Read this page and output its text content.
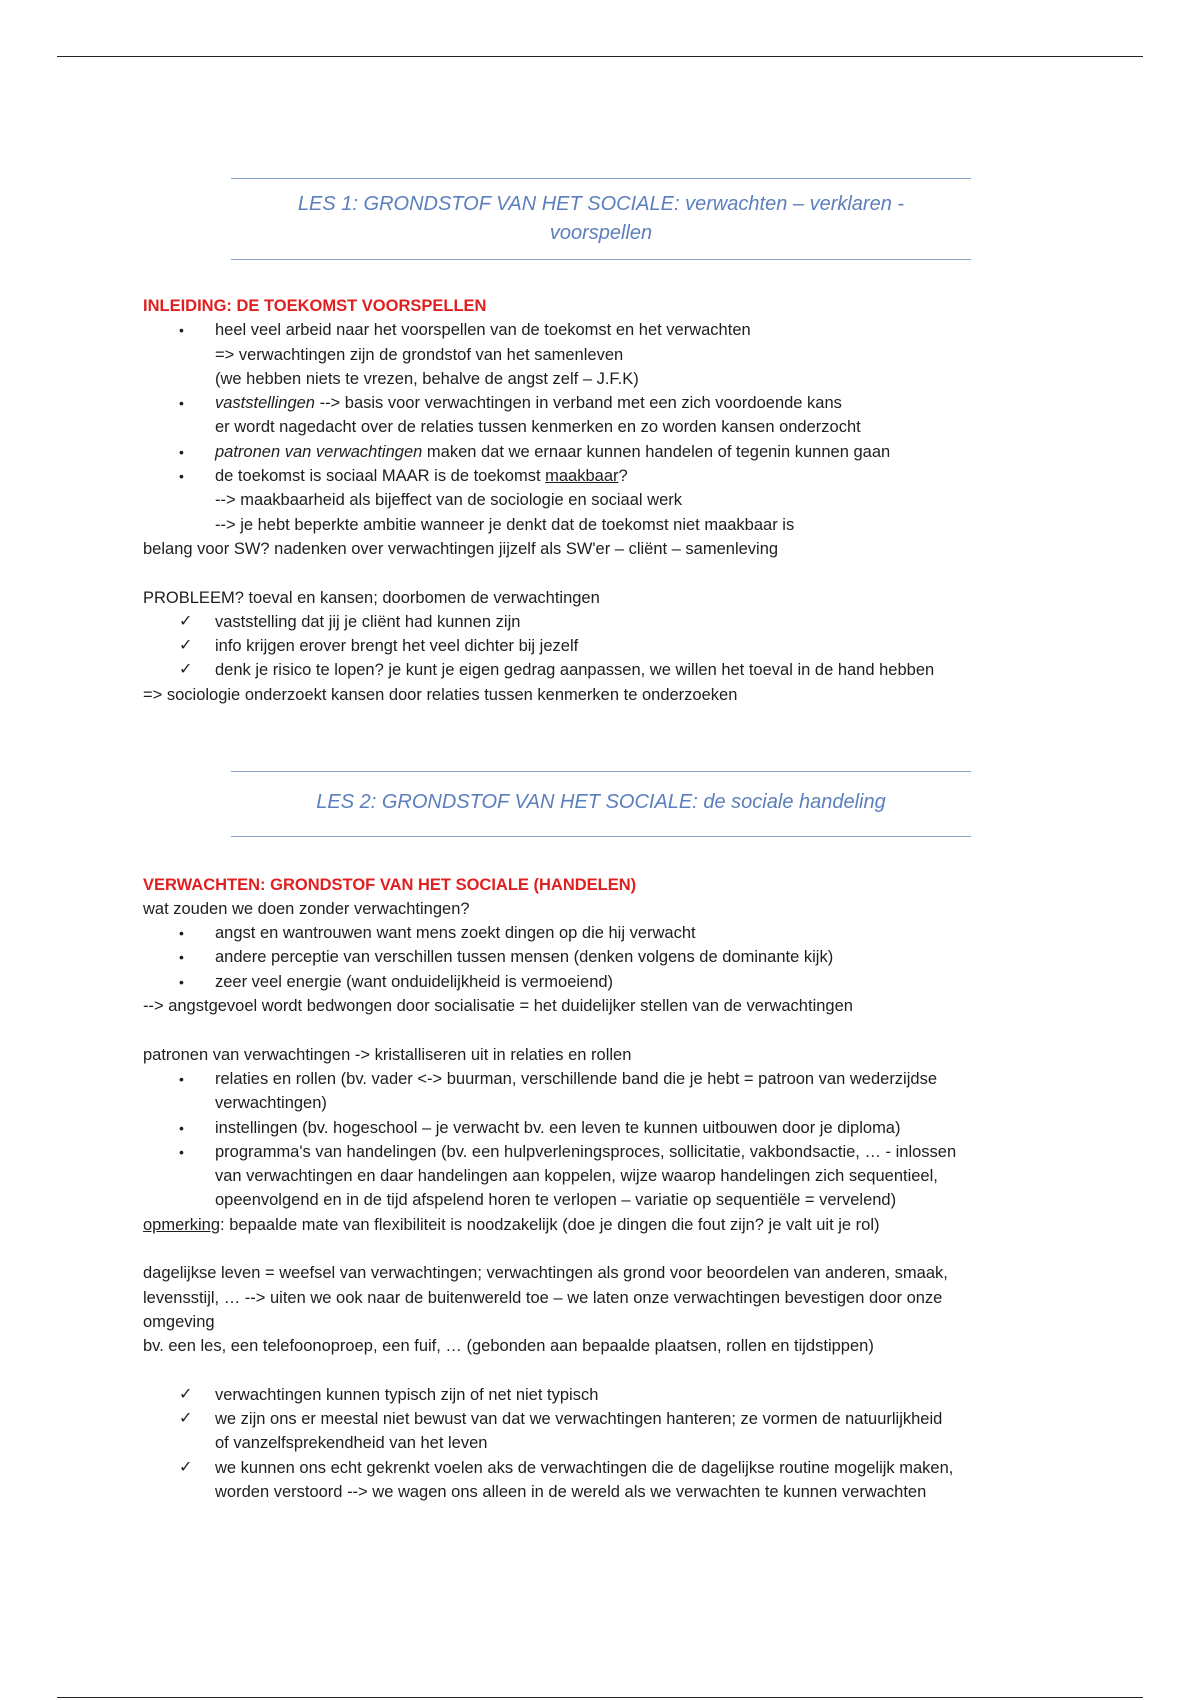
LES 1: GRONDSTOF VAN HET SOCIALE: verwachten – verklaren -
voorspellen

INLEIDING: DE TOEKOMST VOORSPELLEN

• heel veel arbeid naar het voorspellen van de toekomst en het verwachten
=> verwachtingen zijn de grondstof van het samenleven
(we hebben niets te vrezen, behalve de angst zelf – J.F.K)
• vaststellingen --> basis voor verwachtingen in verband met een zich voordoende kans
er wordt nagedacht over de relaties tussen kenmerken en zo worden kansen onderzocht
• patronen van verwachtingen maken dat we ernaar kunnen handelen of tegenin kunnen gaan
• de toekomst is sociaal MAAR is de toekomst maakbaar?
--> maakbaarheid als bijeffect van de sociologie en sociaal werk
--> je hebt beperkte ambitie wanneer je denkt dat de toekomst niet maakbaar is

belang voor SW? nadenken over verwachtingen jijzelf als SW'er – cliënt – samenleving

PROBLEEM? toeval en kansen; doorbomen de verwachtingen

✓ vaststelling dat jij je cliënt had kunnen zijn
✓ info krijgen erover brengt het veel dichter bij jezelf
✓ denk je risico te lopen? je kunt je eigen gedrag aanpassen, we willen het toeval in de hand hebben

=> sociologie onderzoekt kansen door relaties tussen kenmerken te onderzoeken

LES 2: GRONDSTOF VAN HET SOCIALE: de sociale handeling

VERWACHTEN: GRONDSTOF VAN HET SOCIALE (HANDELEN)

wat zouden we doen zonder verwachtingen?

• angst en wantrouwen want mens zoekt dingen op die hij verwacht
• andere perceptie van verschillen tussen mensen (denken volgens de dominante kijk)
• zeer veel energie (want onduidelijkheid is vermoeiend)

--> angstgevoel wordt bedwongen door socialisatie = het duidelijker stellen van de verwachtingen

patronen van verwachtingen -> kristalliseren uit in relaties en rollen

• relaties en rollen (bv. vader <-> buurman, verschillende band die je hebt = patroon van wederzijdse
verwachtingen)
• instellingen (bv. hogeschool – je verwacht bv. een leven te kunnen uitbouwen door je diploma)
• programma's van handelingen (bv. een hulpverleningsproces, sollicitatie, vakbondsactie, … - inlossen
van verwachtingen en daar handelingen aan koppelen, wijze waarop handelingen zich sequentieel,
opeenvolgend en in de tijd afspelend horen te verlopen – variatie op sequentiële = vervelend)

opmerking: bepaalde mate van flexibiliteit is noodzakelijk (doe je dingen die fout zijn? je valt uit je rol)

dagelijkse leven = weefsel van verwachtingen; verwachtingen als grond voor beoordelen van anderen, smaak,
levensstijl, … --> uiten we ook naar de buitenwereld toe – we laten onze verwachtingen bevestigen door onze
omgeving

bv. een les, een telefoonoproep, een fuif, … (gebonden aan bepaalde plaatsen, rollen en tijdstippen)

✓ verwachtingen kunnen typisch zijn of net niet typisch
✓ we zijn ons er meestal niet bewust van dat we verwachtingen hanteren; ze vormen de natuurlijkheid
of vanzelfsprekendheid van het leven
✓ we kunnen ons echt gekrenkt voelen aks de verwachtingen die de dagelijkse routine mogelijk maken,
worden verstoord --> we wagen ons alleen in de wereld als we verwachten te kunnen verwachten
